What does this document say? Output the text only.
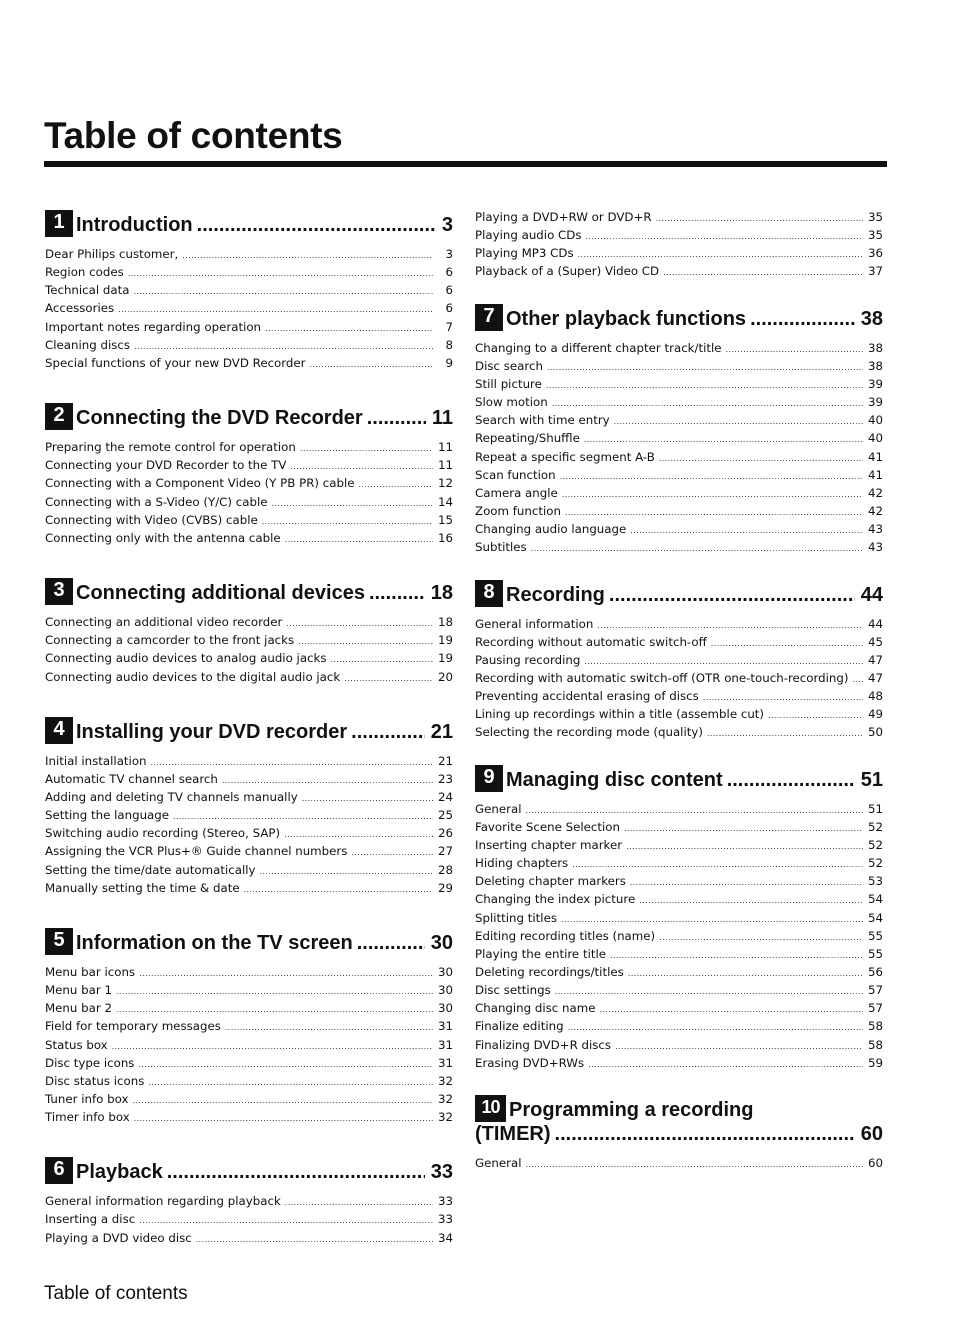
Table of contents
1 Introduction .....	3
Dear Philips customer, .....	3
Region codes .....	6
Technical data .....	6
Accessories .....	6
Important notes regarding operation .....	7
Cleaning discs .....	8
Special functions of your new DVD Recorder .....	9
2 Connecting the DVD Recorder .....	11
Preparing the remote control for operation .....	11
Connecting your DVD Recorder to the TV .....	11
Connecting with a Component Video (Y PB PR) cable .....	12
Connecting with a S-Video (Y/C) cable .....	14
Connecting with Video (CVBS) cable .....	15
Connecting only with the antenna cable .....	16
3 Connecting additional devices .....	18
Connecting an additional video recorder .....	18
Connecting a camcorder to the front jacks .....	19
Connecting audio devices to analog audio jacks .....	19
Connecting audio devices to the digital audio jack .....	20
4 Installing your DVD recorder .....	21
Initial installation .....	21
Automatic TV channel search .....	23
Adding and deleting TV channels manually .....	24
Setting the language .....	25
Switching audio recording (Stereo, SAP) .....	26
Assigning the VCR Plus+® Guide channel numbers .....	27
Setting the time/date automatically .....	28
Manually setting the time & date .....	29
5 Information on the TV screen .....	30
Menu bar icons .....	30
Menu bar 1 .....	30
Menu bar 2 .....	30
Field for temporary messages .....	31
Status box .....	31
Disc type icons .....	31
Disc status icons .....	32
Tuner info box .....	32
Timer info box .....	32
6 Playback .....	33
General information regarding playback .....	33
Inserting a disc .....	33
Playing a DVD video disc .....	34
Playing a DVD+RW or DVD+R .....	35
Playing audio CDs .....	35
Playing MP3 CDs .....	36
Playback of a (Super) Video CD .....	37
7 Other playback functions .....	38
Changing to a different chapter track/title .....	38
Disc search .....	38
Still picture .....	39
Slow motion .....	39
Search with time entry .....	40
Repeating/Shuffle .....	40
Repeat a specific segment A-B .....	41
Scan function .....	41
Camera angle .....	42
Zoom function .....	42
Changing audio language .....	43
Subtitles .....	43
8 Recording .....	44
General information .....	44
Recording without automatic switch-off .....	45
Pausing recording .....	47
Recording with automatic switch-off (OTR one-touch-recording) ..... 47
Preventing accidental erasing of discs .....	48
Lining up recordings within a title (assemble cut) .....	49
Selecting the recording mode (quality) .....	50
9 Managing disc content .....	51
General .....	51
Favorite Scene Selection .....	52
Inserting chapter marker .....	52
Hiding chapters .....	52
Deleting chapter markers .....	53
Changing the index picture .....	54
Splitting titles .....	54
Editing recording titles (name) .....	55
Playing the entire title .....	55
Deleting recordings/titles .....	56
Disc settings .....	57
Changing disc name .....	57
Finalize editing .....	58
Finalizing DVD+R discs .....	58
Erasing DVD+RWs .....	59
10 Programming a recording
(TIMER) .....	60
General .....	60
Table of contents
